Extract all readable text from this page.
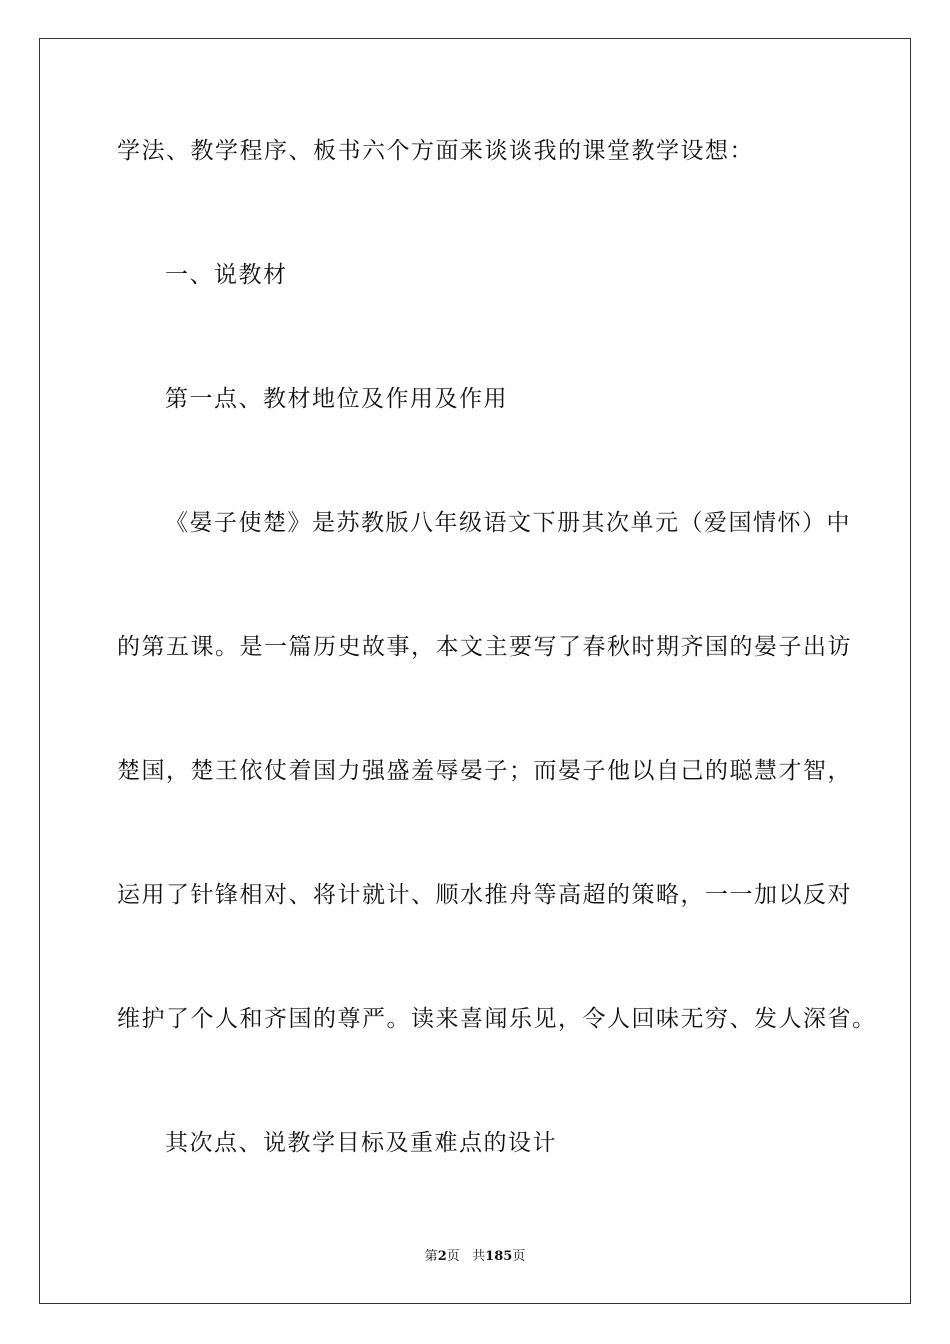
学法、教学程序、板书六个方面来谈谈我的课堂教学设想：
一、说教材
第一点、教材地位及作用及作用
《晏子使楚》是苏教版八年级语文下册其次单元（爱国情怀）中
的第五课。是一篇历史故事，本文主要写了春秋时期齐国的晏子出访
楚国，楚王依仗着国力强盛羞辱晏子；而晏子他以自己的聪慧才智，
运用了针锋相对、将计就计、顺水推舟等高超的策略，一一加以反对
维护了个人和齐国的尊严。读来喜闻乐见，令人回味无穷、发人深省。
其次点、说教学目标及重难点的设计
第2页 共185页
